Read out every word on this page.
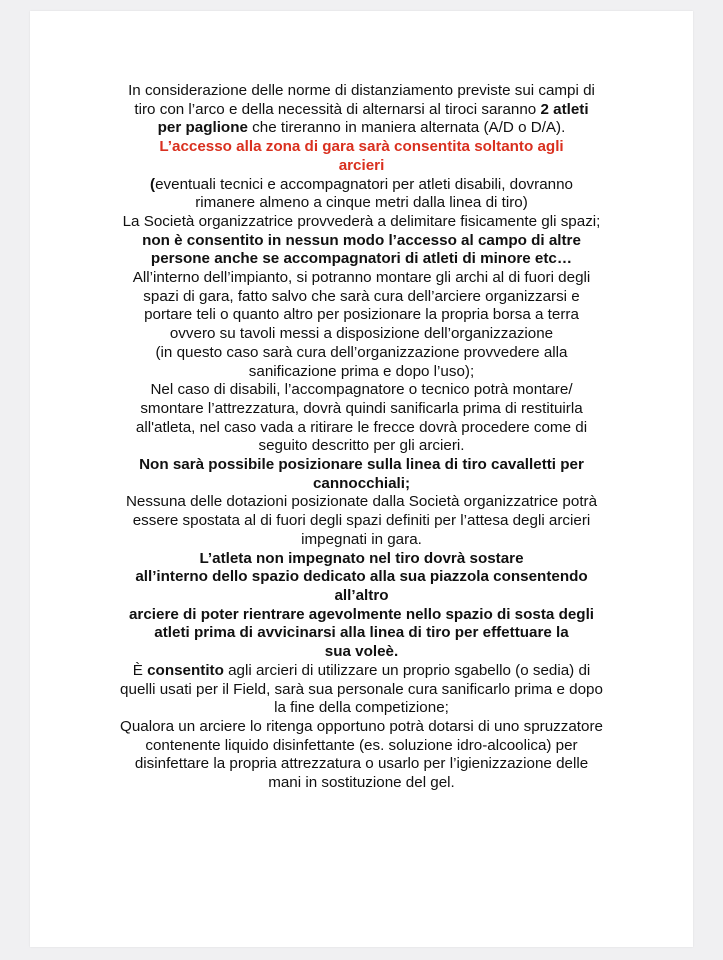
In considerazione delle norme di distanziamento previste sui campi di
tiro con l’arco e della necessità di alternarsi al tiroci saranno 2 atleti
per paglione che tireranno in maniera alternata (A/D o D/A).
L’accesso alla zona di gara sarà consentita soltanto agli
arcieri
(eventuali tecnici e accompagnatori per atleti disabili, dovranno
rimanere almeno a cinque metri dalla linea di tiro)
La Società organizzatrice provvederà a delimitare fisicamente gli spazi;
non è consentito in nessun modo l’accesso al campo di altre
persone anche se accompagnatori di atleti di minore etc…
All’interno dell’impianto, si potranno montare gli archi al di fuori degli
spazi di gara, fatto salvo che sarà cura dell’arciere organizzarsi e
portare teli o quanto altro per posizionare la propria borsa a terra
ovvero su tavoli messi a disposizione dell’organizzazione
(in questo caso sarà cura dell’organizzazione provvedere alla
sanificazione prima e dopo l’uso);
Nel caso di disabili, l’accompagnatore o tecnico potrà montare/
smontare l’attrezzatura, dovrà quindi sanificarla prima di restituirla
all'atleta, nel caso vada a ritirare le frecce dovrà procedere come di
seguito descritto per gli arcieri.
Non sarà possibile posizionare sulla linea di tiro cavalletti per
cannocchiali;
Nessuna delle dotazioni posizionate dalla Società organizzatrice potrà
essere spostata al di fuori degli spazi definiti per l’attesa degli arcieri
impegnati in gara.
L’atleta non impegnato nel tiro dovrà sostare
all’interno dello spazio dedicato alla sua piazzola consentendo
all’altro
arciere di poter rientrare agevolmente nello spazio di sosta degli
atleti prima di avvicinarsi alla linea di tiro per effettuare la
sua voleè.
È consentito agli arcieri di utilizzare un proprio sgabello (o sedia) di
quelli usati per il Field, sarà sua personale cura sanificarlo prima e dopo
la fine della competizione;
Qualora un arciere lo ritenga opportuno potrà dotarsi di uno spruzzatore
contenente liquido disinfettante (es. soluzione idro-alcoolica) per
disinfettare la propria attrezzatura o usarlo per l’igienizzazione delle
mani in sostituzione del gel.
